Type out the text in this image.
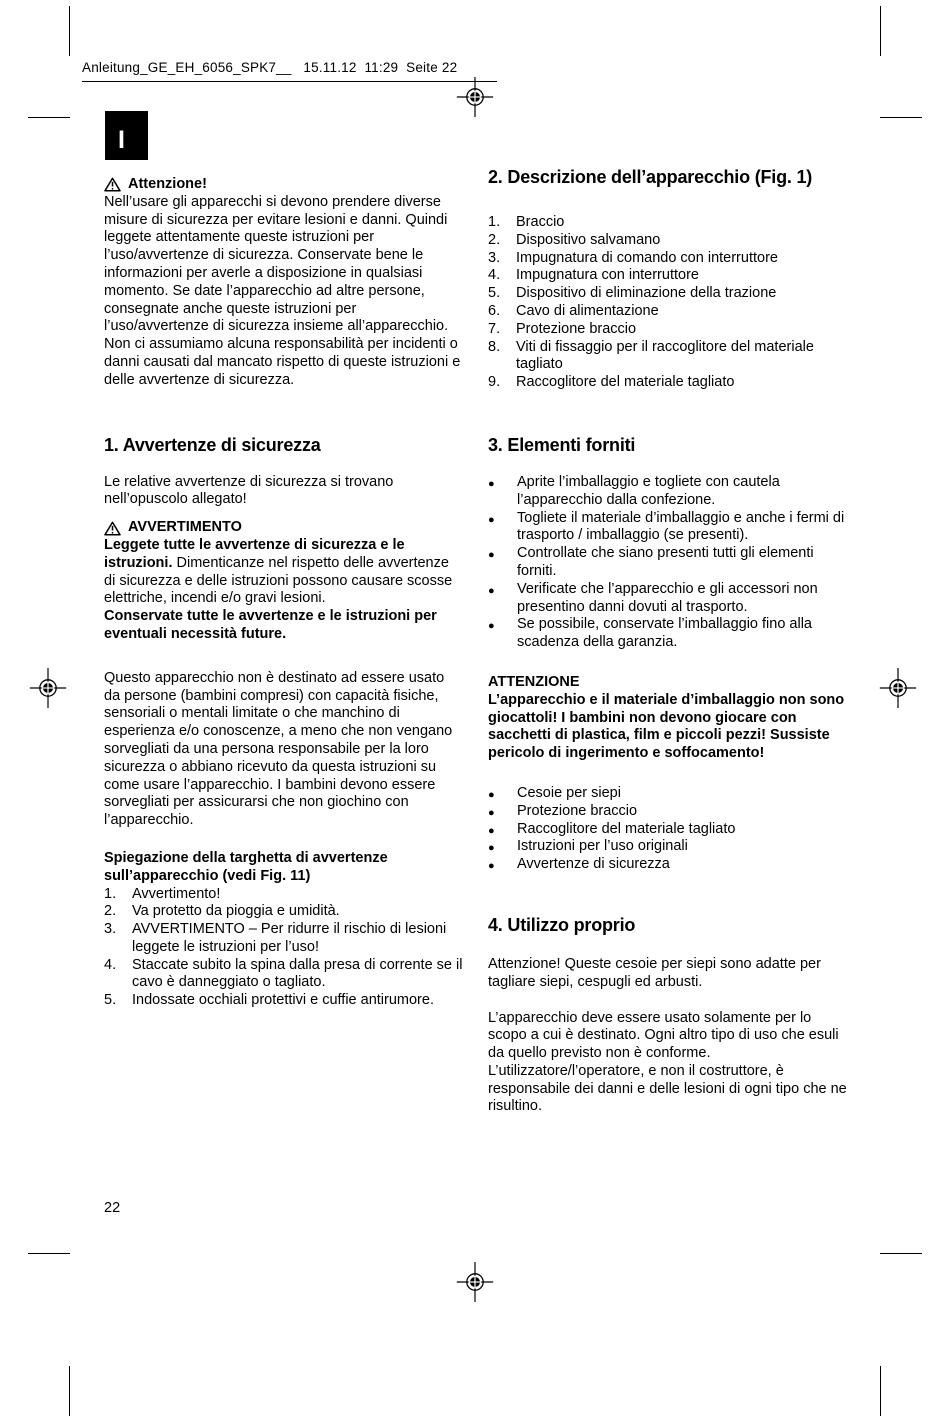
Anleitung_GE_EH_6056_SPK7__   15.11.12  11:29  Seite 22
I
Attenzione!

Nell’usare gli apparecchi si devono prendere diverse misure di sicurezza per evitare lesioni e danni. Quindi leggete attentamente queste istruzioni per l’uso/avvertenze di sicurezza. Conservate bene le informazioni per averle a disposizione in qualsiasi momento. Se date l’apparecchio ad altre persone, consegnate anche queste istruzioni per l’uso/avvertenze di sicurezza insieme all’apparecchio. Non ci assumiamo alcuna responsabilità per incidenti o danni causati dal mancato rispetto di queste istruzioni e delle avvertenze di sicurezza.

1. Avvertenze di sicurezza

Le relative avvertenze di sicurezza si trovano nell’opuscolo allegato!

AVVERTIMENTO

Leggete tutte le avvertenze di sicurezza e le istruzioni. Dimenticanze nel rispetto delle avvertenze di sicurezza e delle istruzioni possono causare scosse elettriche, incendi e/o gravi lesioni.

Conservate tutte le avvertenze e le istruzioni per eventuali necessità future.

Questo apparecchio non è destinato ad essere usato da persone (bambini compresi) con capacità fisiche, sensoriali o mentali limitate o che manchino di esperienza e/o conoscenze, a meno che non vengano sorvegliati da una persona responsabile per la loro sicurezza o abbiano ricevuto da questa istruzioni su come usare l’apparecchio. I bambini devono essere sorvegliati per assicurarsi che non giochino con l’apparecchio.

Spiegazione della targhetta di avvertenze sull’apparecchio (vedi Fig. 11)

Avvertimento!
Va protetto da pioggia e umidità.
AVVERTIMENTO – Per ridurre il rischio di lesioni leggete le istruzioni per l’uso!
Staccate subito la spina dalla presa di corrente se il cavo è danneggiato o tagliato.
Indossate occhiali protettivi e cuffie antirumore.
2. Descrizione dell’apparecchio (Fig. 1)
Braccio
Dispositivo salvamano
Impugnatura di comando con interruttore
Impugnatura con interruttore
Dispositivo di eliminazione della trazione
Cavo di alimentazione
Protezione braccio
Viti di fissaggio per il raccoglitore del materiale tagliato
Raccoglitore del materiale tagliato
3. Elementi forniti
● Aprite l’imballaggio e togliete con cautela l’apparecchio dalla confezione.
● Togliete il materiale d’imballaggio e anche i fermi di trasporto / imballaggio (se presenti).
● Controllate che siano presenti tutti gli elementi forniti.
● Verificate che l’apparecchio e gli accessori non presentino danni dovuti al trasporto.
● Se possibile, conservate l’imballaggio fino alla scadenza della garanzia.

ATTENZIONE

L’apparecchio e il materiale d’imballaggio non sono giocattoli! I bambini non devono giocare con sacchetti di plastica, film e piccoli pezzi! Sussiste pericolo di ingerimento e soffocamento!

● Cesoie per siepi
● Protezione braccio
● Raccoglitore del materiale tagliato
● Istruzioni per l’uso originali
● Avvertenze di sicurezza
4. Utilizzo proprio

Attenzione! Queste cesoie per siepi sono adatte per tagliare siepi, cespugli ed arbusti.

L’apparecchio deve essere usato solamente per lo scopo a cui è destinato. Ogni altro tipo di uso che esuli da quello previsto non è conforme. L’utilizzatore/l’operatore, e non il costruttore, è responsabile dei danni e delle lesioni di ogni tipo che ne risultino.

22
